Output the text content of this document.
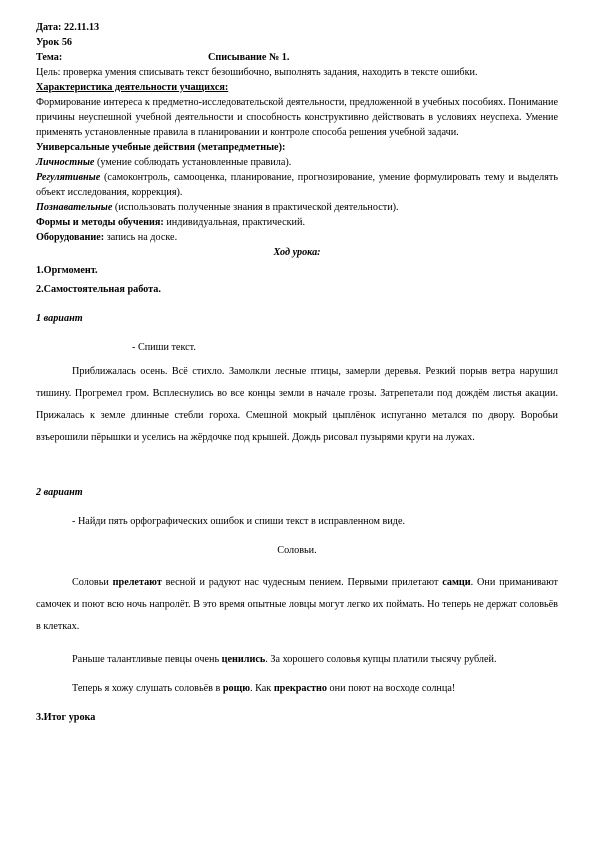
Дата: 22.11.13

Урок 56

Тема:	Списывание № 1.

Цель: проверка умения списывать текст безошибочно, выполнять задания, находить в тексте ошибки.

Характеристика деятельности учащихся:

Формирование интереса к предметно-исследовательской деятельности, предложенной в учебных пособиях. Понимание причины неуспешной учебной деятельности и способность конструктивно действовать в условиях неуспеха. Умение применять установленные правила в планировании и контроле способа решения учебной задачи.

Универсальные учебные действия (метапредметные):

Личностные (умение соблюдать установленные правила).

Регулятивные (самоконтроль, самооценка, планирование, прогнозирование, умение формулировать тему и выделять объект исследования, коррекция).

Познавательные (использовать полученные знания в практической деятельности).

Формы и методы обучения: индивидуальная, практический.

Оборудование: запись на доске.

Ход урока:

1.Оргмомент.

2.Самостоятельная работа.

1 вариант

- Спиши текст.

Приближалась осень. Всё стихло. Замолкли лесные птицы, замерли деревья. Резкий порыв ветра нарушил тишину. Прогремел гром. Всплеснулись во все концы земли в начале грозы. Затрепетали под дождём листья акации. Прижалась к земле длинные стебли гороха. Смешной мокрый цыплёнок испуганно метался по двору. Воробьи взъерошили пёрышки и уселись на жёрдочке под крышей. Дождь рисовал пузырями круги на лужах.

2 вариант

- Найди пять орфографических ошибок и спиши текст в исправленном виде.

Соловьи.

Соловьи прелетают весной и радуют нас чудесным пением. Первыми прилетают самци. Они приманивают самочек и поют всю ночь напролёт. В это время опытные ловцы могут легко их поймать. Но теперь не держат соловьёв в клетках.

Раньше талантливые певцы очень ценились. За хорошего соловья купцы платили тысячу рублей.

Теперь я хожу слушать соловьёв в рощю. Как прекрастно они поют на восходе солнца!

3.Итог урока
